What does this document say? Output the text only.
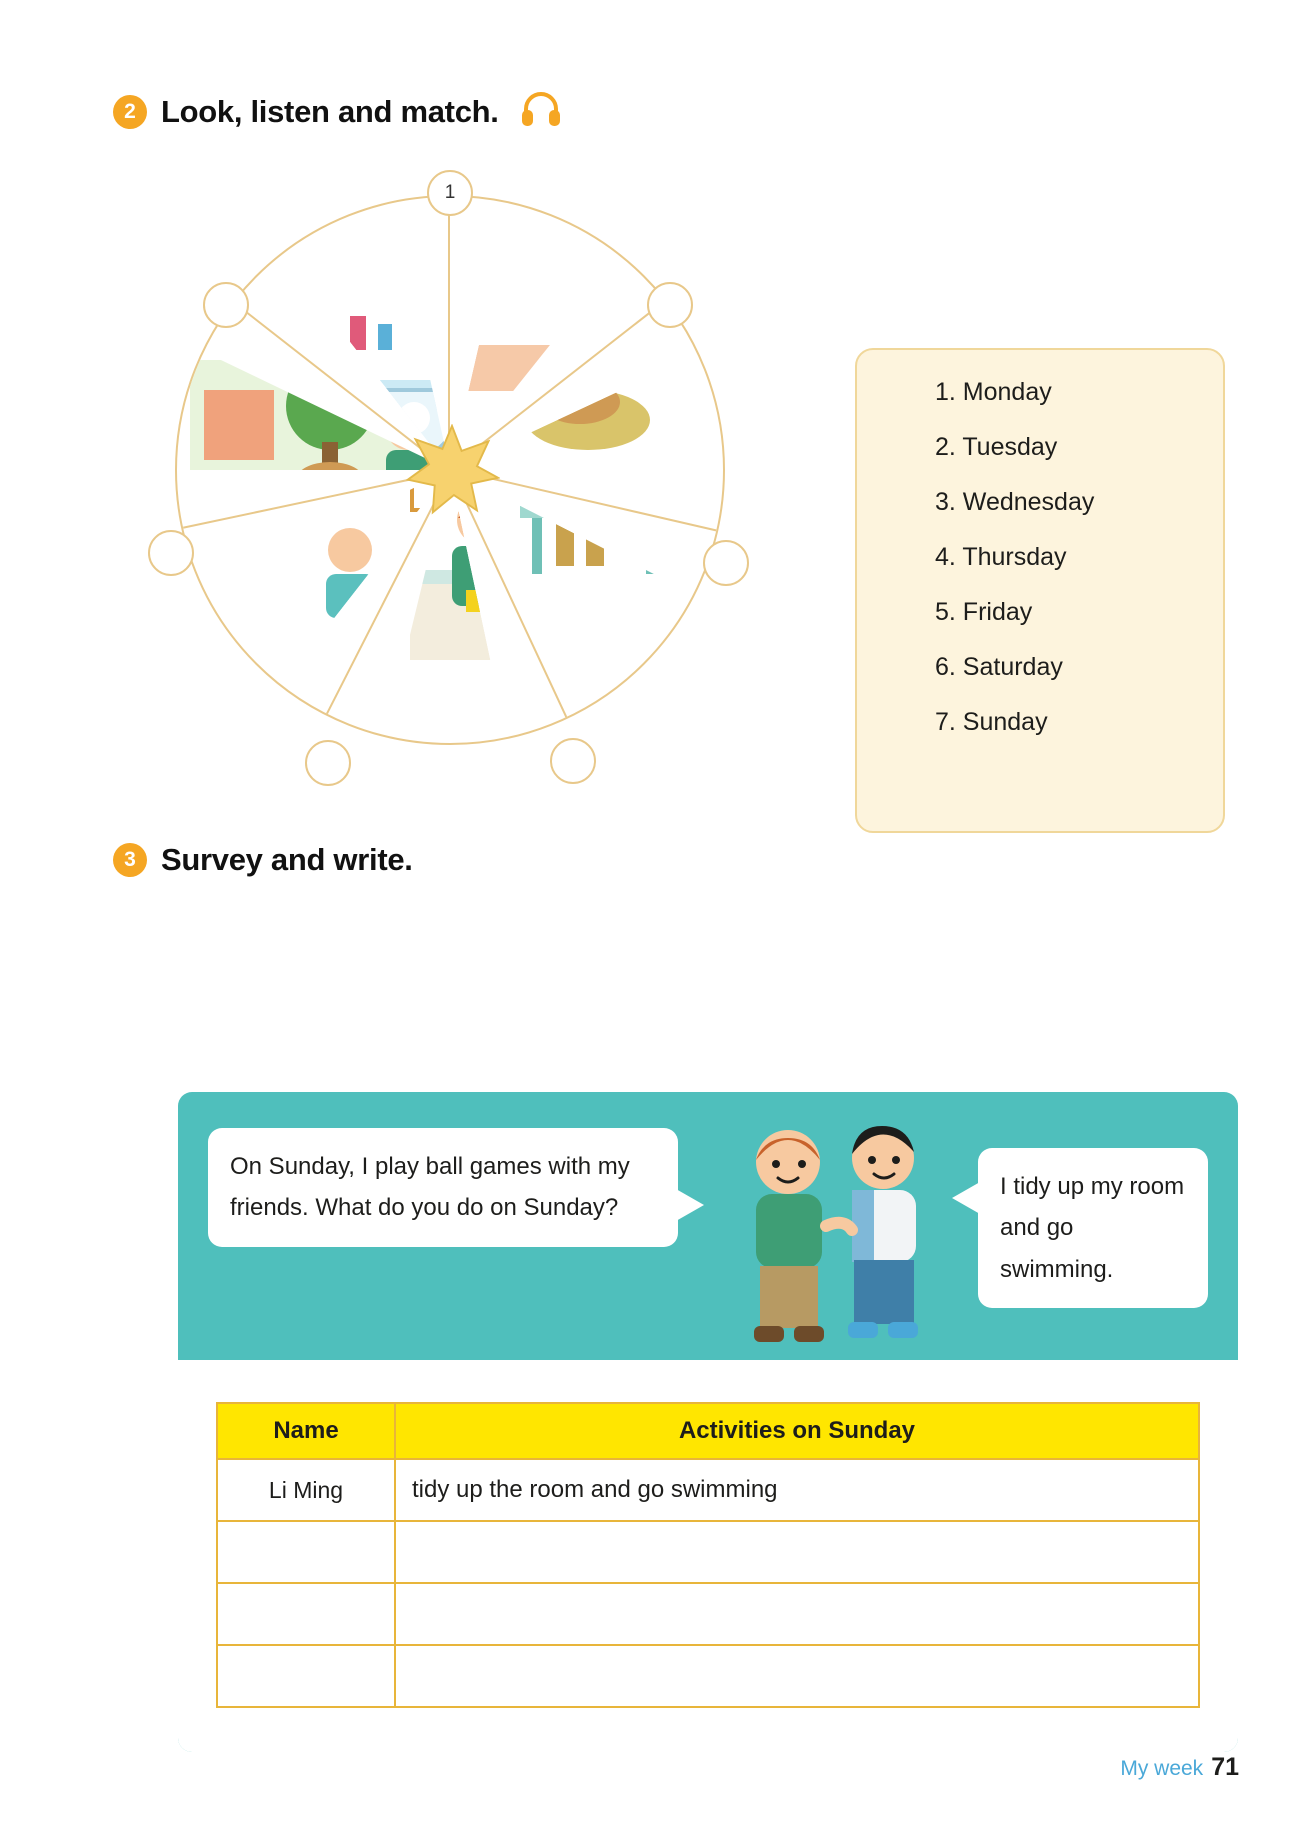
2 Look, listen and match.
1
1. Monday
2. Tuesday
3. Wednesday
4. Thursday
5. Friday
6. Saturday
7. Sunday
3 Survey and write.
On Sunday, I play ball games with my friends. What do you do on Sunday?
I tidy up my room and go swimming.
Name	Activities on Sunday
Li Ming	tidy up the room and go swimming

My week 71
